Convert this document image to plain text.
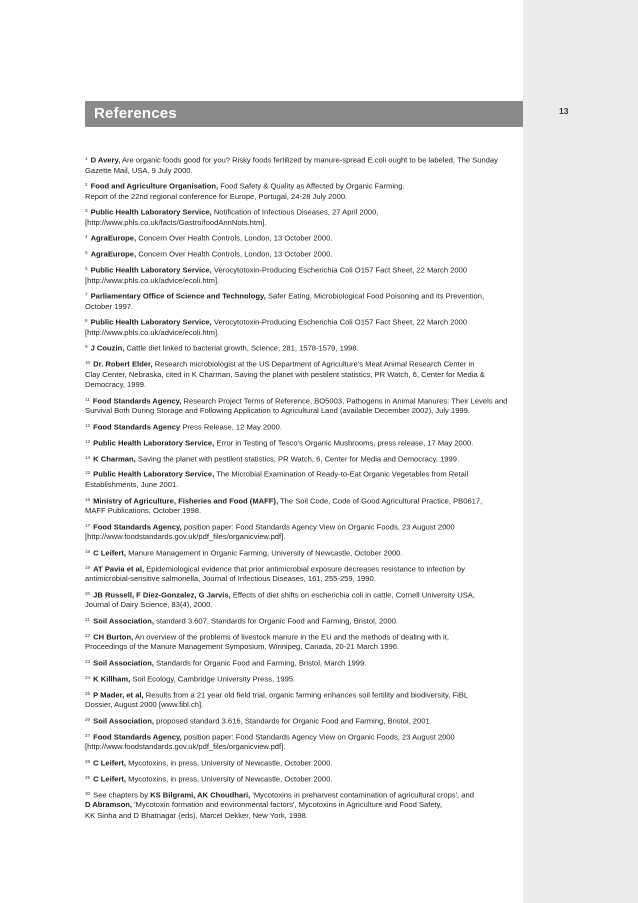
References	13
$^1$ D Avery, Are organic foods good for you? Risky foods fertilized by manure-spread E.coli ought to be labeled, The Sunday
Gazette Mail, USA, 9 July 2000.
$^2$ Food and Agriculture Organisation, Food Safety & Quality as Affected by Organic Farming.
Report of the 22nd regional conference for Europe, Portugal, 24-28 July 2000.
$^3$ Public Health Laboratory Service, Notification of Infectious Diseases, 27 April 2000,
[http://www.phls.co.uk/facts/Gastro/foodAnnNots.htm].
$^4$ AgraEurope, Concern Over Health Controls, London, 13 October 2000.
$^5$ AgraEurope, Concern Over Health Controls, London, 13 October 2000.
$^6$ Public Health Laboratory Service, Verocytotoxin-Producing Escherichia Coli O157 Fact Sheet, 22 March 2000
[http://www.phls.co.uk/advice/ecoli.htm].
$^7$ Parliamentary Office of Science and Technology, Safer Eating, Microbiological Food Poisoning and its Prevention,
October 1997.
$^8$ Public Health Laboratory Service, Verocytotoxin-Producing Escherichia Coli O157 Fact Sheet, 22 March 2000
[http://www.phls.co.uk/advice/ecoli.htm].
$^9$ J Couzin, Cattle diet linked to bacterial growth, Science, 281, 1578-1579, 1998.
$^{10}$ Dr. Robert Elder, Research microbiologist at the US Department of Agriculture's Meat Animal Research Center in
Clay Center, Nebraska, cited in K Charman, Saving the planet with pestilent statistics, PR Watch, 6, Center for Media &
Democracy, 1999.
$^{11}$ Food Standards Agency, Research Project Terms of Reference, BO5003, Pathogens in Animal Manures: Their Levels and
Survival Both During Storage and Following Application to Agricultural Land (available December 2002), July 1999.
$^{12}$ Food Standards Agency Press Release, 12 May 2000.
$^{13}$ Public Health Laboratory Service, Error in Testing of Tesco's Organic Mushrooms, press release, 17 May 2000.
$^{14}$ K Charman, Saving the planet with pestilent statistics, PR Watch, 6, Center for Media and Democracy, 1999.
$^{15}$ Public Health Laboratory Service, The Microbial Examination of Ready-to-Eat Organic Vegetables from Retail
Establishments, June 2001.
$^{16}$ Ministry of Agriculture, Fisheries and Food (MAFF), The Soil Code, Code of Good Agricultural Practice, PB0617,
MAFF Publications, October 1998.
$^{17}$ Food Standards Agency, position paper: Food Standards Agency View on Organic Foods, 23 August 2000
[http://www.foodstandards.gov.uk/pdf_files/organicview.pdf].
$^{18}$ C Leifert, Manure Management in Organic Farming, University of Newcastle, October 2000.
$^{19}$ AT Pavia et al, Epidemiological evidence that prior antimicrobial exposure decreases resistance to infection by
antimicrobial-sensitive salmonella, Journal of Infectious Diseases, 161, 255-259, 1990.
$^{20}$ JB Russell, F Diez-Gonzalez, G Jarvis, Effects of diet shifts on escherichia coli in cattle, Cornell University USA,
Journal of Dairy Science, 83(4), 2000.
$^{21}$ Soil Association, standard 3.607, Standards for Organic Food and Farming, Bristol, 2000.
$^{22}$ CH Burton, An overview of the problems of livestock manure in the EU and the methods of dealing with it,
Proceedings of the Manure Management Symposium, Winnipeg, Canada, 20-21 March 1996.
$^{23}$ Soil Association, Standards for Organic Food and Farming, Bristol, March 1999.
$^{24}$ K Killham, Soil Ecology, Cambridge University Press, 1995.
$^{25}$ P Mader, et al, Results from a 21 year old field trial, organic farming enhances soil fertility and biodiversity, FiBL
Dossier, August 2000 [www.fibl.ch].
$^{26}$ Soil Association, proposed standard 3.616, Standards for Organic Food and Farming, Bristol, 2001.
$^{27}$ Food Standards Agency, position paper: Food Standards Agency View on Organic Foods, 23 August 2000
[http://www.foodstandards.gov.uk/pdf_files/organicview.pdf].
$^{28}$ C Leifert, Mycotoxins, in press, University of Newcastle, October 2000.
$^{29}$ C Leifert, Mycotoxins, in press, University of Newcastle, October 2000.
$^{30}$ See chapters by KS Bilgrami, AK Choudhari, 'Mycotoxins in preharvest contamination of agricultural crops', and
D Abramson, 'Mycotoxin formation and environmental factors', Mycotoxins in Agriculture and Food Safety,
KK Sinha and D Bhatnagar (eds), Marcel Dekker, New York, 1998.
